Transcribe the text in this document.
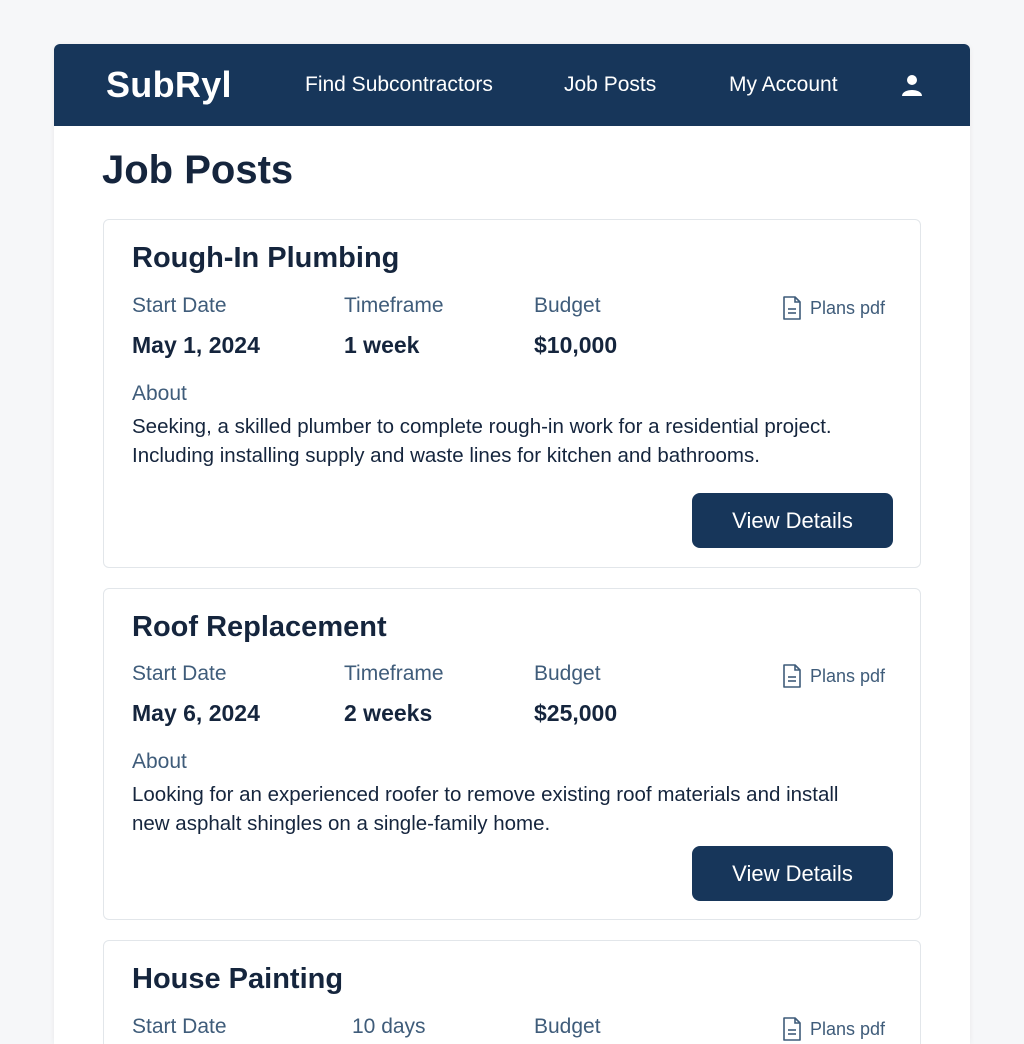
SubRyl	Find Subcontractors	Job Posts	My Account
Job Posts
Rough-In Plumbing
Start Date	Timeframe	Budget	Plans pdf
May 1, 2024	1 week	$10,000
About
Seeking, a skilled plumber to complete rough-in work for a residential project. Including installing supply and waste lines for kitchen and bathrooms.
View Details
Roof Replacement
Start Date	Timeframe	Budget	Plans pdf
May 6, 2024	2 weeks	$25,000
About
Looking for an experienced roofer to remove existing roof materials and install new asphalt shingles on a single-family home.
View Details
House Painting
Start Date	10 days	Budget	Plans pdf
